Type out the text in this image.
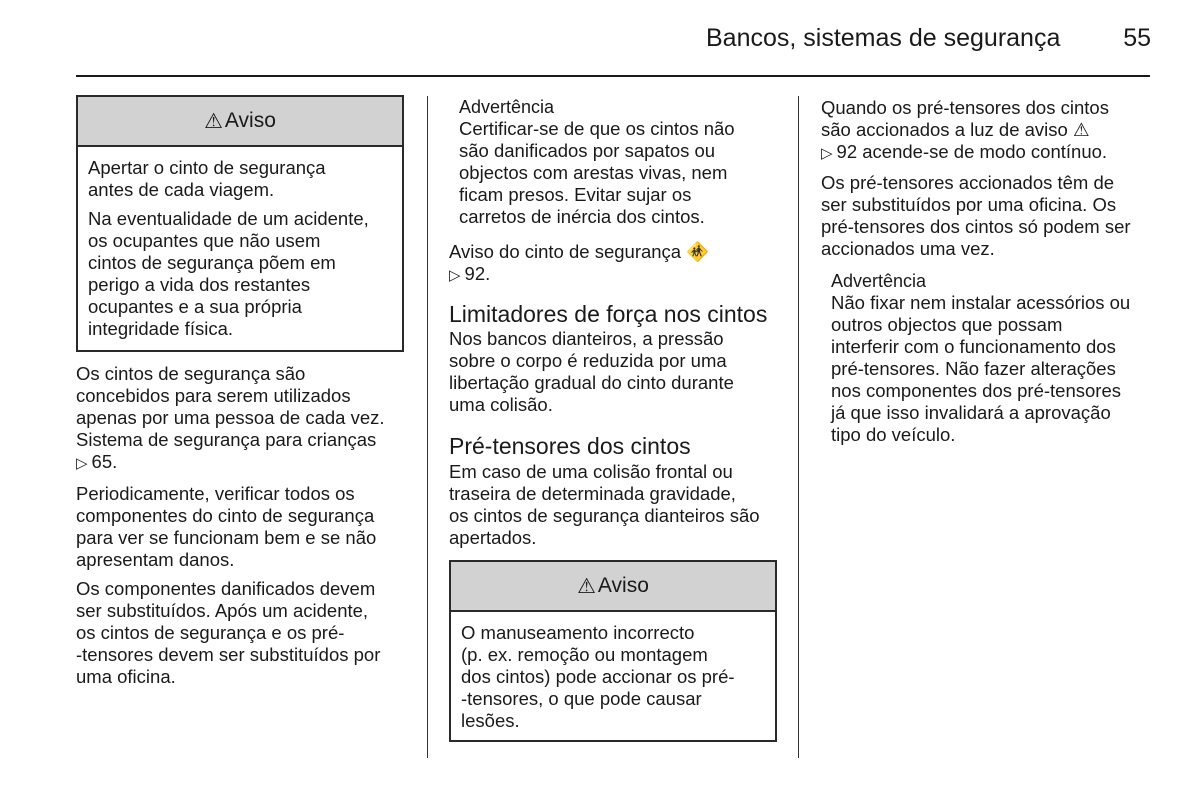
Bancos, sistemas de segurança	55
⚠ Aviso

Apertar o cinto de segurança
antes de cada viagem.

Na eventualidade de um acidente,
os ocupantes que não usem
cintos de segurança põem em
perigo a vida dos restantes
ocupantes e a sua própria
integridade física.

Os cintos de segurança são
concebidos para serem utilizados
apenas por uma pessoa de cada vez.
Sistema de segurança para crianças
▷ 65.

Periodicamente, verificar todos os
componentes do cinto de segurança
para ver se funcionam bem e se não
apresentam danos.

Os componentes danificados devem
ser substituídos. Após um acidente,
os cintos de segurança e os pré-
-tensores devem ser substituídos por
uma oficina.

Advertência

Certificar-se de que os cintos não
são danificados por sapatos ou
objectos com arestas vivas, nem
ficam presos. Evitar sujar os
carretos de inércia dos cintos.

Aviso do cinto de segurança 🚸
▷ 92.

Limitadores de força nos cintos

Nos bancos dianteiros, a pressão
sobre o corpo é reduzida por uma
libertação gradual do cinto durante
uma colisão.

Pré-tensores dos cintos

Em caso de uma colisão frontal ou
traseira de determinada gravidade,
os cintos de segurança dianteiros são
apertados.

⚠ Aviso

O manuseamento incorrecto
(p. ex. remoção ou montagem
dos cintos) pode accionar os pré-
-tensores, o que pode causar
lesões.

Quando os pré-tensores dos cintos
são accionados a luz de aviso ⚠
▷ 92 acende-se de modo contínuo.

Os pré-tensores accionados têm de
ser substituídos por uma oficina. Os
pré-tensores dos cintos só podem ser
accionados uma vez.

Advertência

Não fixar nem instalar acessórios ou
outros objectos que possam
interferir com o funcionamento dos
pré-tensores. Não fazer alterações
nos componentes dos pré-tensores
já que isso invalidará a aprovação
tipo do veículo.
